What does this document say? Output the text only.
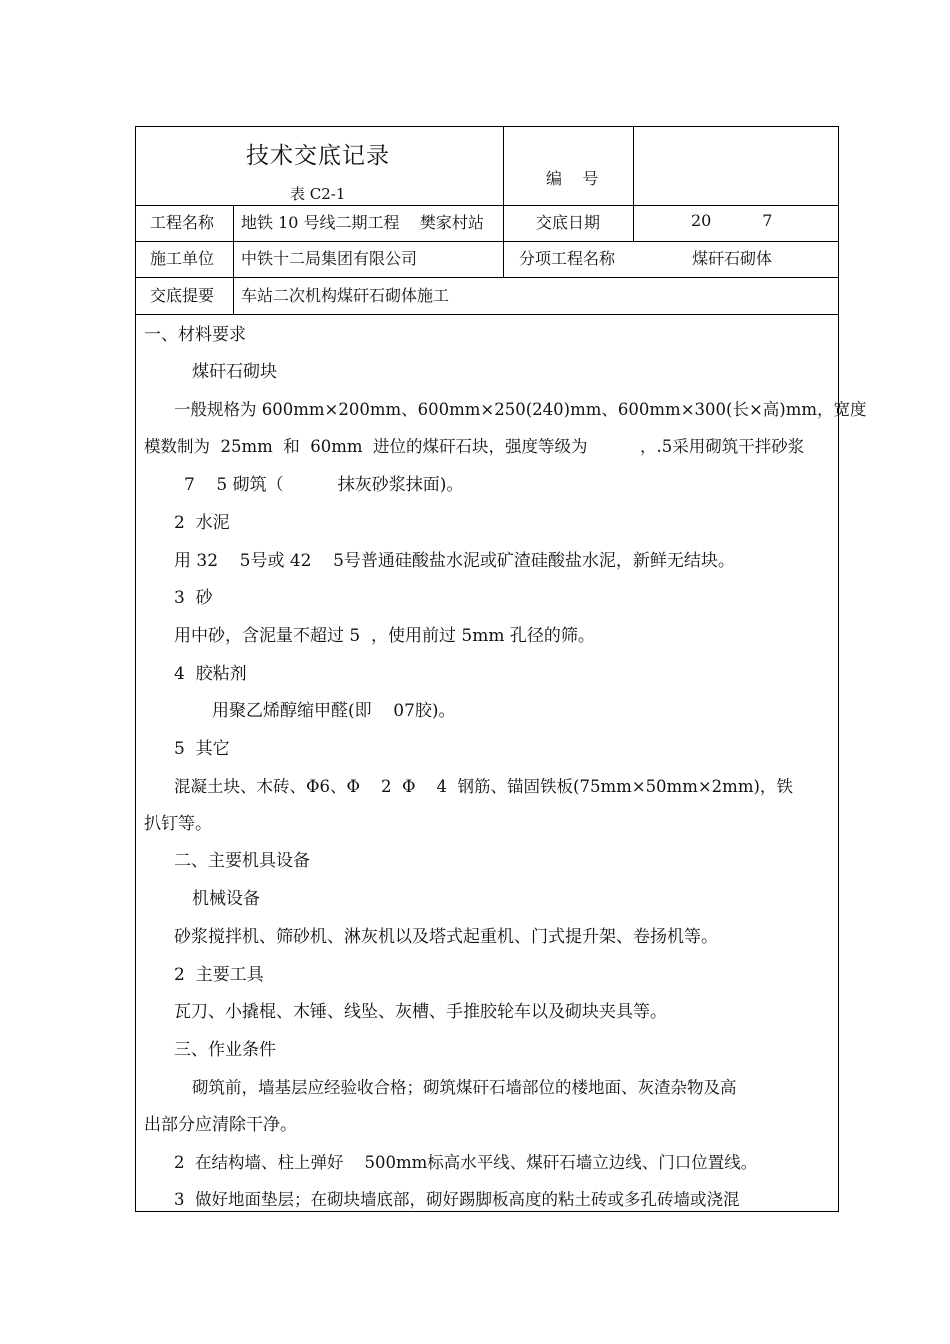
技术交底记录
表 C2-1
编    号
工程名称 地铁 10 号线二期工程    樊家村站	交底日期	20          7
施工单位 中铁十二局集团有限公司	分项工程名称	煤矸石砌体
交底提要 车站二次机构煤矸石砌体施工
一、材料要求
煤矸石砌块
一般规格为 600mm×200mm、600mm×250(240)mm、600mm×300(长×高)mm，宽度
模数制为  25mm  和  60mm  进位的煤矸石块，强度等级为          ，.5采用砌筑干拌砂浆
7    5 砌筑（          抹灰砂浆抹面)。
2  水泥
用 32    5号或 42    5号普通硅酸盐水泥或矿渣硅酸盐水泥，新鲜无结块。
3  砂
用中砂，含泥量不超过 5  ，使用前过 5mm 孔径的筛。
4  胶粘剂
用聚乙烯醇缩甲醛(即    07胶)。
5  其它
混凝土块、木砖、Φ6、Φ    2  Φ    4  钢筋、锚固铁板(75mm×50mm×2mm)，铁
扒钉等。
二、主要机具设备
机械设备
砂浆搅拌机、筛砂机、淋灰机以及塔式起重机、门式提升架、卷扬机等。
2  主要工具
瓦刀、小撬棍、木锤、线坠、灰槽、手推胶轮车以及砌块夹具等。
三、作业条件
砌筑前，墙基层应经验收合格；砌筑煤矸石墙部位的楼地面、灰渣杂物及高
出部分应清除干净。
2  在结构墙、柱上弹好    500mm标高水平线、煤矸石墙立边线、门口位置线。
3  做好地面垫层；在砌块墙底部，砌好踢脚板高度的粘土砖或多孔砖墙或浇混
